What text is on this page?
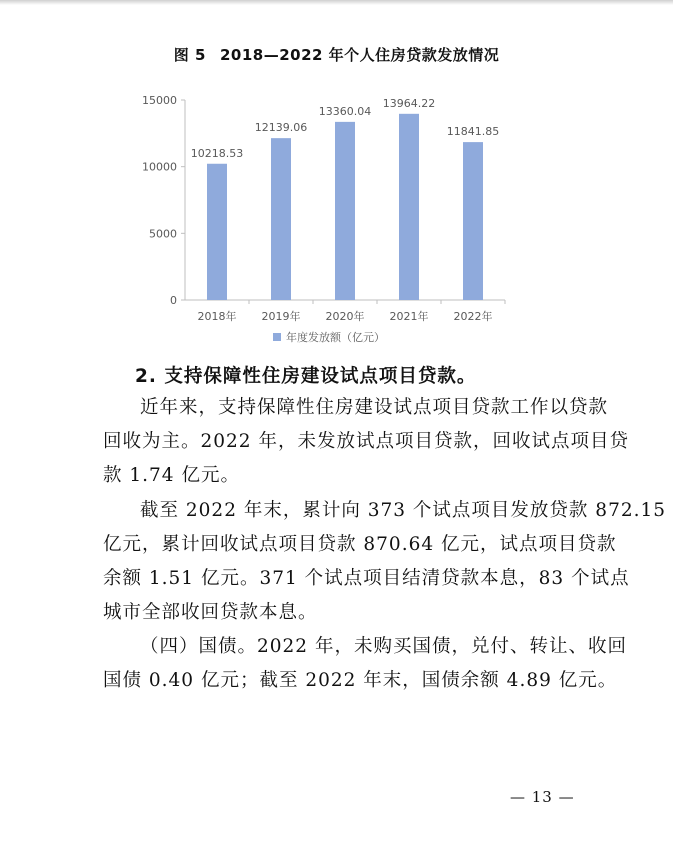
图 5 2018—2022 年个人住房贷款发放情况
0
5000
10000
15000
10218.53
2018年
12139.06
2019年
13360.04
2020年
13964.22
2021年
11841.85
2022年
年度发放额（亿元）
2. 支持保障性住房建设试点项目贷款。

近年来，支持保障性住房建设试点项目贷款工作以贷款
回收为主。2022 年，未发放试点项目贷款，回收试点项目贷
款 1.74 亿元。

截至 2022 年末，累计向 373 个试点项目发放贷款 872.15
亿元，累计回收试点项目贷款 870.64 亿元，试点项目贷款
余额 1.51 亿元。371 个试点项目结清贷款本息，83 个试点
城市全部收回贷款本息。

（四）国债。2022 年，未购买国债，兑付、转让、收回
国债 0.40 亿元；截至 2022 年末，国债余额 4.89 亿元。

— 13 —
